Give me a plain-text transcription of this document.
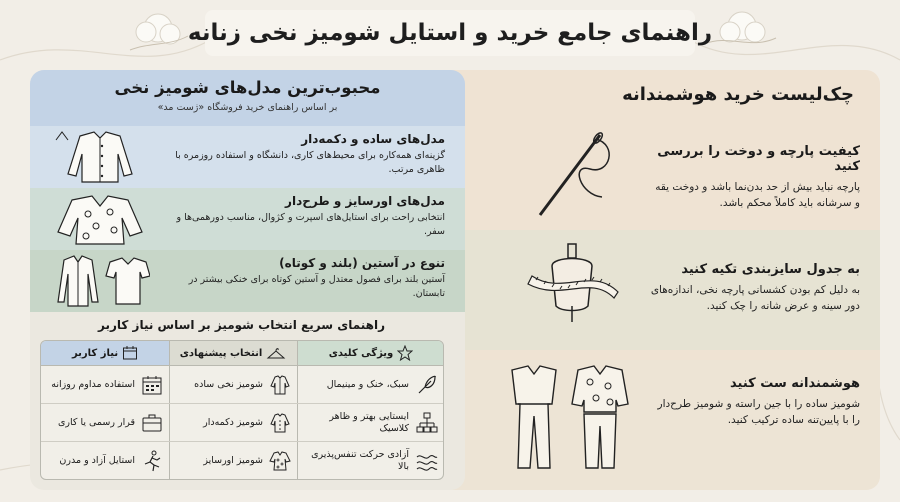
راهنمای جامع خرید و استایل شومیز نخی زنانه
چک‌لیست خرید هوشمندانه
کیفیت پارچه و دوخت را بررسی کنید

پارچه نباید بیش از حد بدن‌نما باشد و دوخت یقه و سرشانه باید کاملاً محکم باشد.

به جدول سایزبندی تکیه کنید

به دلیل کم بودن کشسانی پارچه نخی، اندازه‌های دور سینه و عرض شانه را چک کنید.

هوشمندانه ست کنید

شومیز ساده را با جین راسته و شومیز طرح‌دار را با پایین‌تنه ساده ترکیب کنید.

محبوب‌ترین مدل‌های شومیز نخی
بر اساس راهنمای خرید فروشگاه «ژست مد»
مدل‌های ساده و دکمه‌دار

گزینه‌ای همه‌کاره برای محیط‌های کاری، دانشگاه و استفاده روزمره با ظاهری مرتب.

مدل‌های اورسایز و طرح‌دار

انتخابی راحت برای استایل‌های اسپرت و کژوال، مناسب دورهمی‌ها و سفر.

تنوع در آستین (بلند و کوتاه)

آستین بلند برای فصول معتدل و آستین کوتاه برای خنکی بیشتر در تابستان.

راهنمای سریع انتخاب شومیز بر اساس نیاز کاربر
ویژگی کلیدی
انتخاب پیشنهادی
نیاز کاربر
سبک، خنک و مینیمال
شومیز نخی ساده
استفاده مداوم روزانه
ایستایی بهتر و ظاهر کلاسیک
شومیز دکمه‌دار
قرار رسمی یا کاری
آزادی حرکت تنفس‌پذیری بالا
شومیز اورسایز
استایل آزاد و مدرن
